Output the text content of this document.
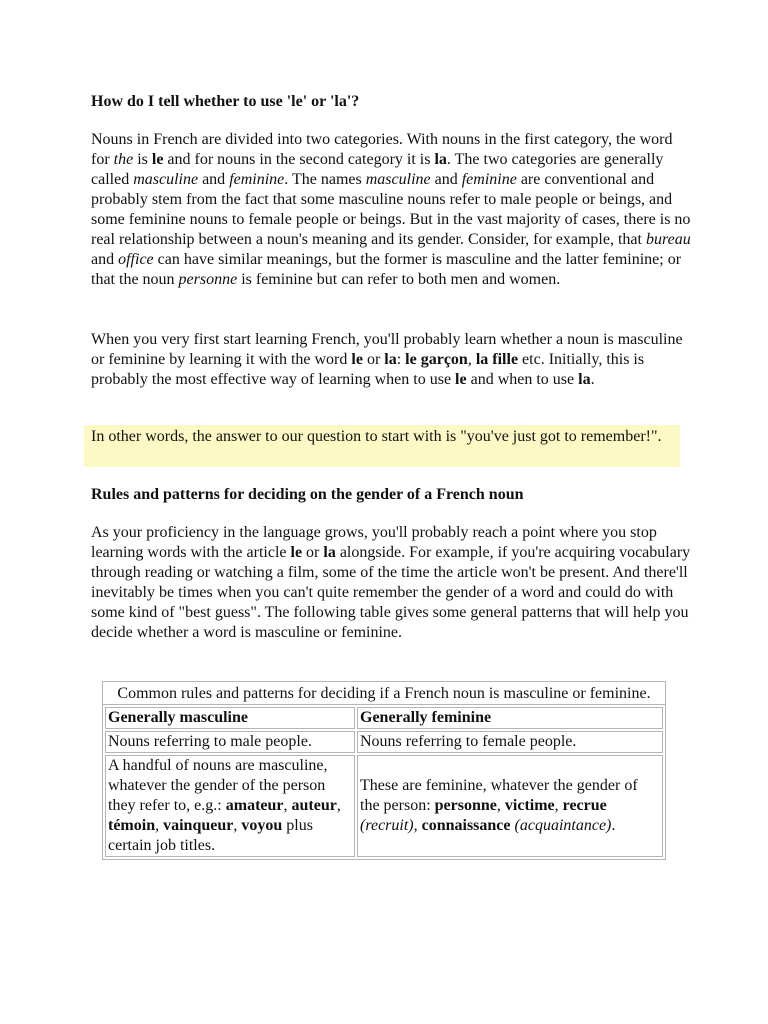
How do I tell whether to use 'le' or 'la'?

Nouns in French are divided into two categories. With nouns in the first category, the word for the is le and for nouns in the second category it is la. The two categories are generally called masculine and feminine. The names masculine and feminine are conventional and probably stem from the fact that some masculine nouns refer to male people or beings, and some feminine nouns to female people or beings. But in the vast majority of cases, there is no real relationship between a noun's meaning and its gender. Consider, for example, that bureau and office can have similar meanings, but the former is masculine and the latter feminine; or that the noun personne is feminine but can refer to both men and women.

When you very first start learning French, you'll probably learn whether a noun is masculine or feminine by learning it with the word le or la: le garçon, la fille etc. Initially, this is probably the most effective way of learning when to use le and when to use la.

In other words, the answer to our question to start with is "you've just got to remember!".
Rules and patterns for deciding on the gender of a French noun

As your proficiency in the language grows, you'll probably reach a point where you stop learning words with the article le or la alongside. For example, if you're acquiring vocabulary through reading or watching a film, some of the time the article won't be present. And there'll inevitably be times when you can't quite remember the gender of a word and could do with some kind of "best guess". The following table gives some general patterns that will help you decide whether a word is masculine or feminine.

Common rules and patterns for deciding if a French noun is masculine or feminine.
Generally masculine	Generally feminine
Nouns referring to male people.	Nouns referring to female people.
A handful of nouns are masculine, whatever the gender of the person they refer to, e.g.: amateur, auteur, témoin, vainqueur, voyou plus certain job titles.	These are feminine, whatever the gender of the person: personne, victime, recrue (recruit), connaissance (acquaintance).
